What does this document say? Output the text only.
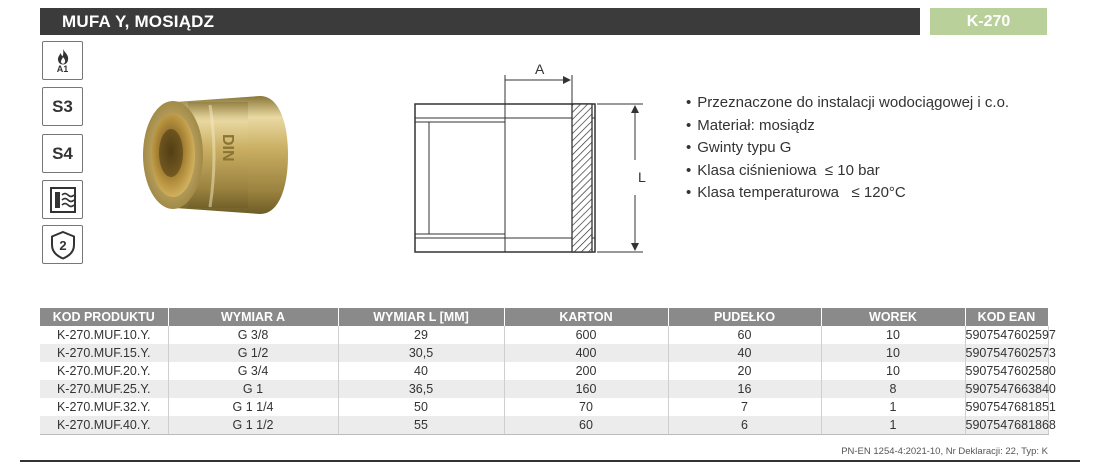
MUFA Y, MOSIĄDZ	K-270
A1
S3
S4
2
DIN
A
L
• Przeznaczone do instalacji wodociągowej i c.o.
• Materiał: mosiądz
• Gwinty typu G
• Klasa ciśnieniowa  ≤ 10 bar
• Klasa temperaturowa   ≤ 120°C
KOD PRODUKTU	WYMIAR A	WYMIAR L [MM]	KARTON	PUDEŁKO	WOREK	KOD EAN
K-270.MUF.10.Y.	G 3/8	29	600	60	10	5907547602597
K-270.MUF.15.Y.	G 1/2	30,5	400	40	10	5907547602573
K-270.MUF.20.Y.	G 3/4	40	200	20	10	5907547602580
K-270.MUF.25.Y.	G 1	36,5	160	16	8	5907547663840
K-270.MUF.32.Y.	G 1 1/4	50	70	7	1	5907547681851
K-270.MUF.40.Y.	G 1 1/2	55	60	6	1	5907547681868
PN-EN 1254-4:2021-10, Nr Deklaracji: 22, Typ: K
